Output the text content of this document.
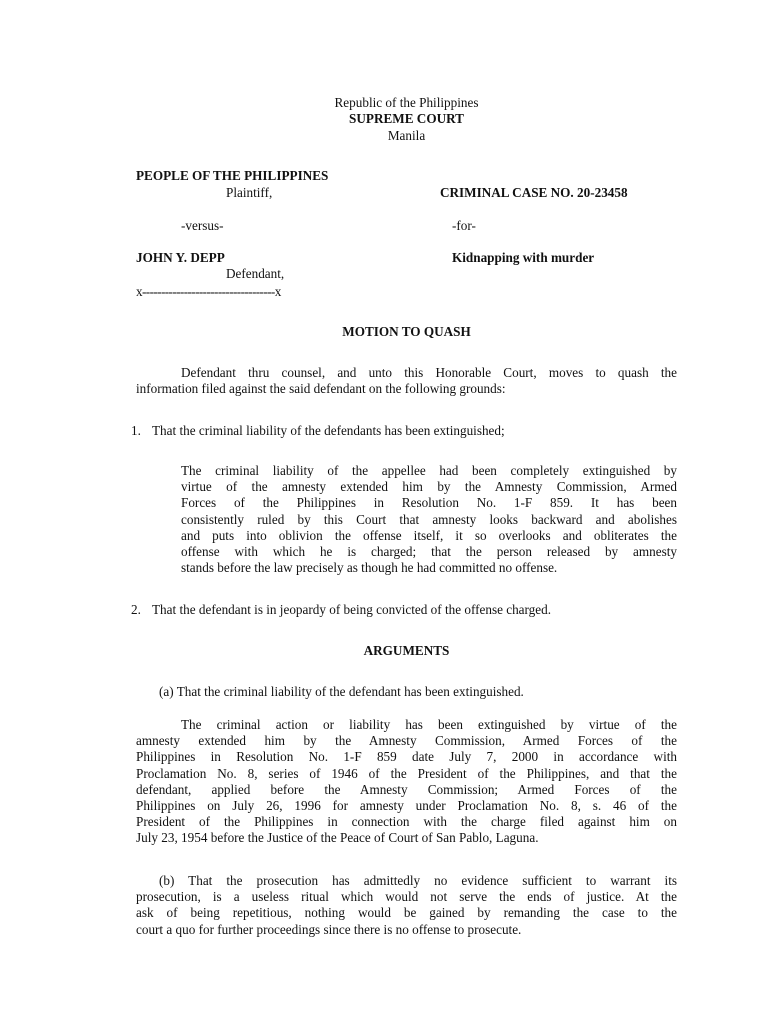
Republic of the Philippines
SUPREME COURT
Manila
PEOPLE OF THE PHILIPPINES
Plaintiff,	CRIMINAL CASE NO. 20-23458
-versus-	-for-
JOHN Y. DEPP	Kidnapping with murder
Defendant,
x-----------------------------------x
MOTION TO QUASH
Defendant thru counsel, and unto this Honorable Court, moves to quash the
information filed against the said defendant on the following grounds:
1. That the criminal liability of the defendants has been extinguished;
The criminal liability of the appellee had been completely extinguished by
virtue of the amnesty extended him by the Amnesty Commission, Armed
Forces of the Philippines in Resolution No. 1-F 859. It has been
consistently ruled by this Court that amnesty looks backward and abolishes
and puts into oblivion the offense itself, it so overlooks and obliterates the
offense with which he is charged; that the person released by amnesty
stands before the law precisely as though he had committed no offense.
2. That the defendant is in jeopardy of being convicted of the offense charged.
ARGUMENTS
(a) That the criminal liability of the defendant has been extinguished.
The criminal action or liability has been extinguished by virtue of the
amnesty extended him by the Amnesty Commission, Armed Forces of the
Philippines in Resolution No. 1-F 859 date July 7, 2000 in accordance with
Proclamation No. 8, series of 1946 of the President of the Philippines, and that the
defendant, applied before the Amnesty Commission; Armed Forces of the
Philippines on July 26, 1996 for amnesty under Proclamation No. 8, s. 46 of the
President of the Philippines in connection with the charge filed against him on
July 23, 1954 before the Justice of the Peace of Court of San Pablo, Laguna.
(b) That the prosecution has admittedly no evidence sufficient to warrant its
prosecution, is a useless ritual which would not serve the ends of justice. At the
ask of being repetitious, nothing would be gained by remanding the case to the
court a quo for further proceedings since there is no offense to prosecute.
